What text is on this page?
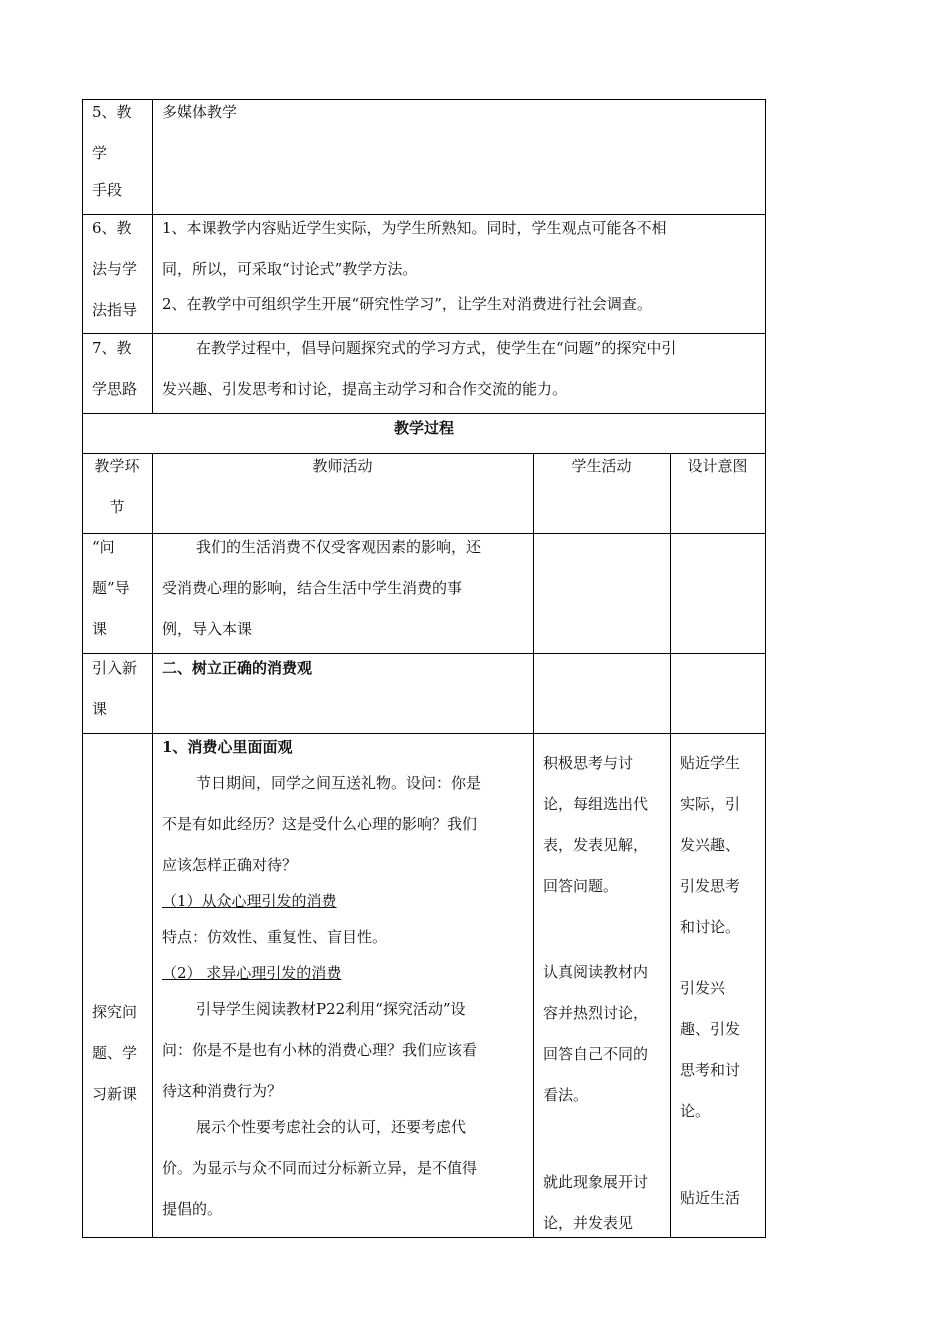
5、教
学
手段
多媒体教学
6、教
法与学
法指导
1、本课教学内容贴近学生实际，为学生所熟知。同时，学生观点可能各不相
同，所以，可采取“讨论式”教学方法。
2、在教学中可组织学生开展“研究性学习”，让学生对消费进行社会调查。
7、教
学思路
在教学过程中，倡导问题探究式的学习方式，使学生在“问题”的探究中引
发兴趣、引发思考和讨论，提高主动学习和合作交流的能力。
教学过程
教学环
节
教师活动	学生活动	设计意图
“问
题”导
课
我们的生活消费不仅受客观因素的影响，还
受消费心理的影响，结合生活中学生消费的事
例，导入本课
引入新
课
二、树立正确的消费观
探究问
题、学
习新课
1、消费心里面面观
节日期间，同学之间互送礼物。设问：你是
不是有如此经历？这是受什么心理的影响？我们
应该怎样正确对待？
（1）从众心理引发的消费
特点：仿效性、重复性、盲目性。
（2） 求异心理引发的消费
引导学生阅读教材P22利用“探究活动”设
问：你是不是也有小林的消费心理？我们应该看
待这种消费行为？
展示个性要考虑社会的认可，还要考虑代
价。为显示与众不同而过分标新立异，是不值得
提倡的。
积极思考与讨
论，每组选出代
表，发表见解，
回答问题。
认真阅读教材内
容并热烈讨论，
回答自己不同的
看法。
就此现象展开讨
论，并发表见
贴近学生
实际，引
发兴趣、
引发思考
和讨论。
引发兴
趣、引发
思考和讨
论。
贴近生活
